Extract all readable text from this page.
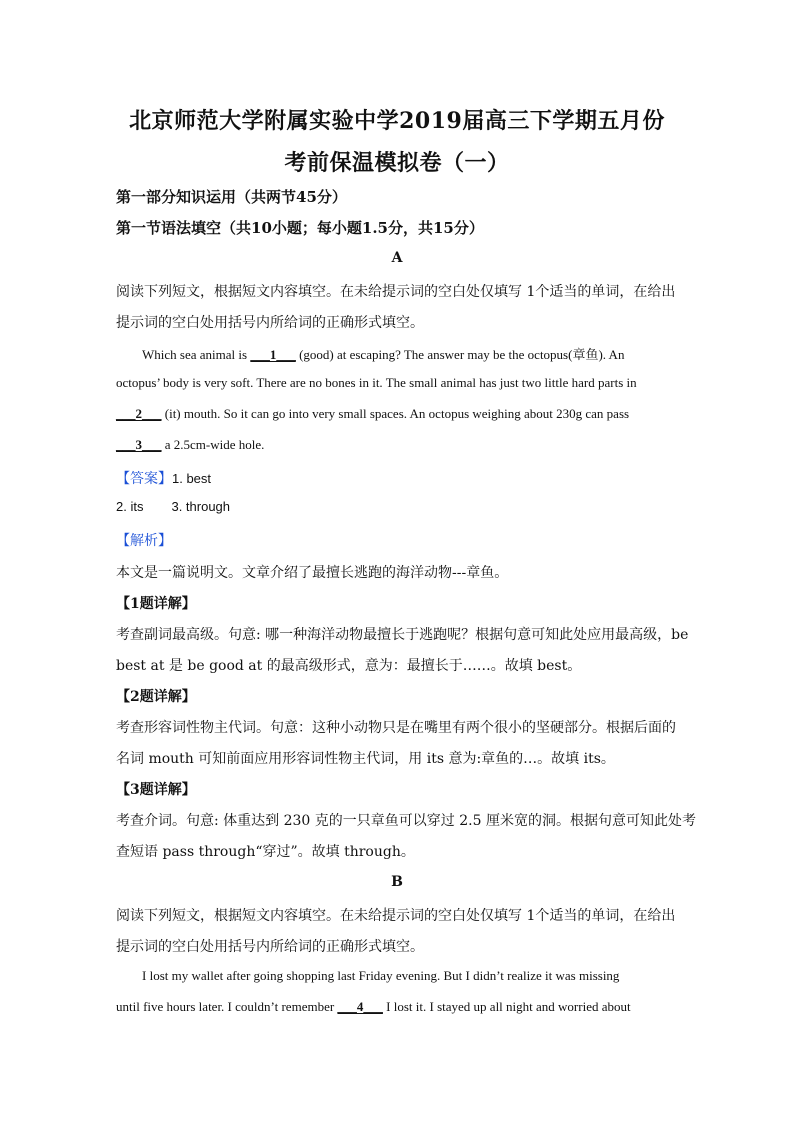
北京师范大学附属实验中学2019届高三下学期五月份
考前保温模拟卷（一）
第一部分知识运用（共两节45分）
第一节语法填空（共10小题；每小题1.5分，共15分）
A
阅读下列短文，根据短文内容填空。在未给提示词的空白处仅填写 1个适当的单词，在给出
提示词的空白处用括号内所给词的正确形式填空。
Which sea animal is ___1___ (good) at escaping? The answer may be the octopus(章鱼). An
octopus’ body is very soft. There are no bones in it. The small animal has just two little hard parts in
___2___ (it) mouth. So it can go into very small spaces. An octopus weighing about 230g can pass
___3___ a 2.5cm-wide hole.
【答案】1. best
2. its 3. through
【解析】
本文是一篇说明文。文章介绍了最擅长逃跑的海洋动物---章鱼。
【1题详解】
考查副词最高级。句意: 哪一种海洋动物最擅长于逃跑呢？根据句意可知此处应用最高级，be
best at 是 be good at 的最高级形式，意为：最擅长于……。故填 best。
【2题详解】
考查形容词性物主代词。句意：这种小动物只是在嘴里有两个很小的坚硬部分。根据后面的
名词 mouth 可知前面应用形容词性物主代词，用 its 意为:章鱼的…。故填 its。
【3题详解】
考查介词。句意: 体重达到 230 克的一只章鱼可以穿过 2.5 厘米宽的洞。根据句意可知此处考
查短语 pass through“穿过”。故填 through。
B
阅读下列短文，根据短文内容填空。在未给提示词的空白处仅填写 1个适当的单词，在给出
提示词的空白处用括号内所给词的正确形式填空。
I lost my wallet after going shopping last Friday evening. But I didn’t realize it was missing
until five hours later. I couldn’t remember ___4___ I lost it. I stayed up all night and worried about
